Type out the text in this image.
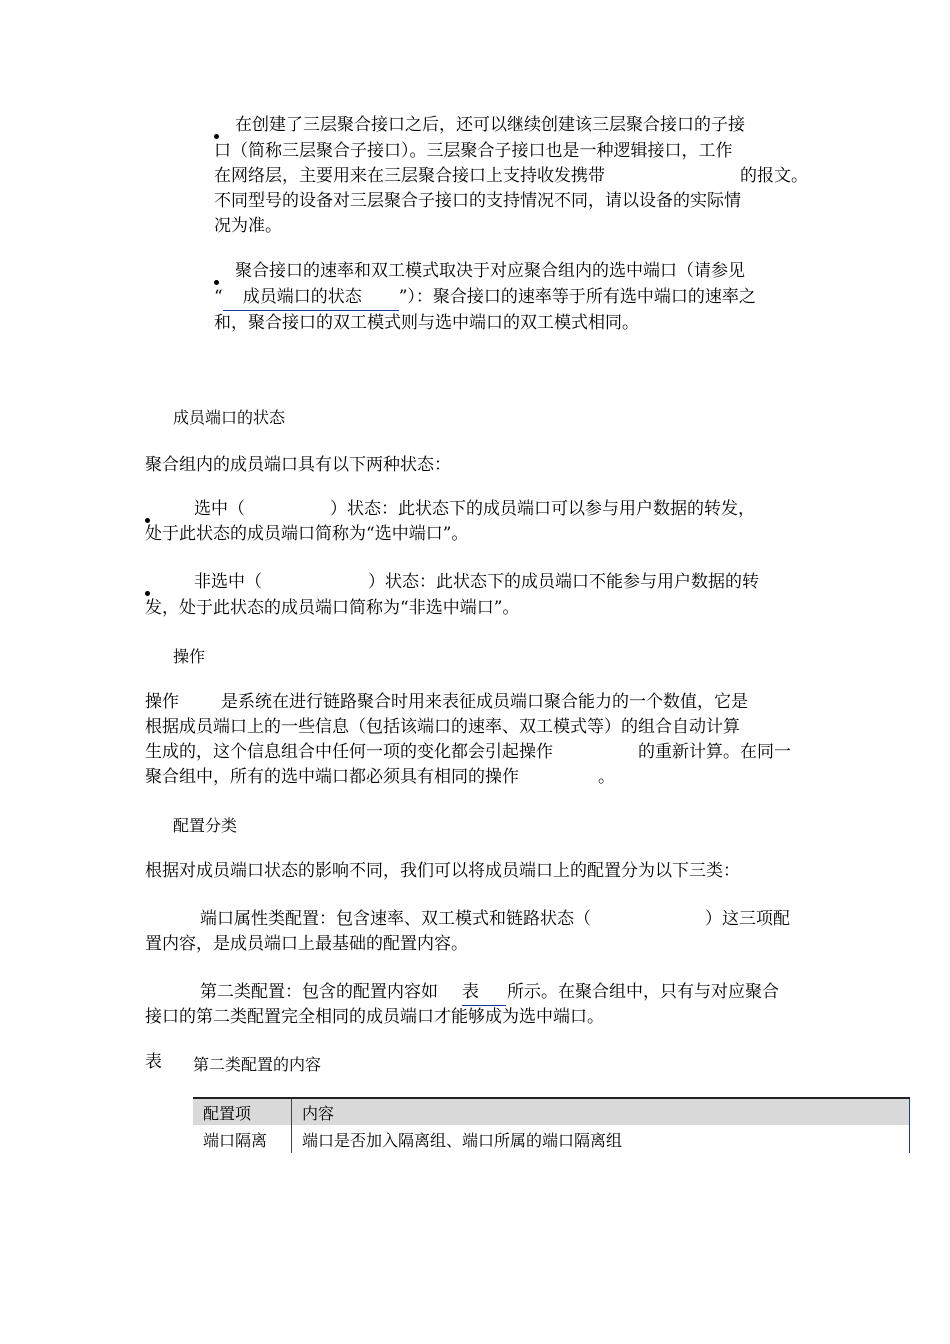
在创建了三层聚合接口之后，还可以继续创建该三层聚合接口的子接
口（简称三层聚合子接口）。三层聚合子接口也是一种逻辑接口，工作
在网络层，主要用来在三层聚合接口上支持收发携带	的报文。
不同型号的设备对三层聚合子接口的支持情况不同，请以设备的实际情
况为准。
聚合接口的速率和双工模式取决于对应聚合组内的选中端口（请参见
“ 成员端口的状态 ”）：聚合接口的速率等于所有选中端口的速率之
和，聚合接口的双工模式则与选中端口的双工模式相同。
成员端口的状态
聚合组内的成员端口具有以下两种状态：
选中（	）状态：此状态下的成员端口可以参与用户数据的转发，
处于此状态的成员端口简称为“选中端口”。
非选中（	）状态：此状态下的成员端口不能参与用户数据的转
发，处于此状态的成员端口简称为“非选中端口”。
操作
操作 是系统在进行链路聚合时用来表征成员端口聚合能力的一个数值，它是
根据成员端口上的一些信息（包括该端口的速率、双工模式等）的组合自动计算
生成的，这个信息组合中任何一项的变化都会引起操作	的重新计算。在同一
聚合组中，所有的选中端口都必须具有相同的操作	。
配置分类
根据对成员端口状态的影响不同，我们可以将成员端口上的配置分为以下三类：
端口属性类配置：包含速率、双工模式和链路状态（	）这三项配
置内容，是成员端口上最基础的配置内容。
第二类配置：包含的配置内容如 表	所示。在聚合组中，只有与对应聚合
接口的第二类配置完全相同的成员端口才能够成为选中端口。
表 第二类配置的内容
配置项	内容
端口隔离	端口是否加入隔离组、端口所属的端口隔离组
